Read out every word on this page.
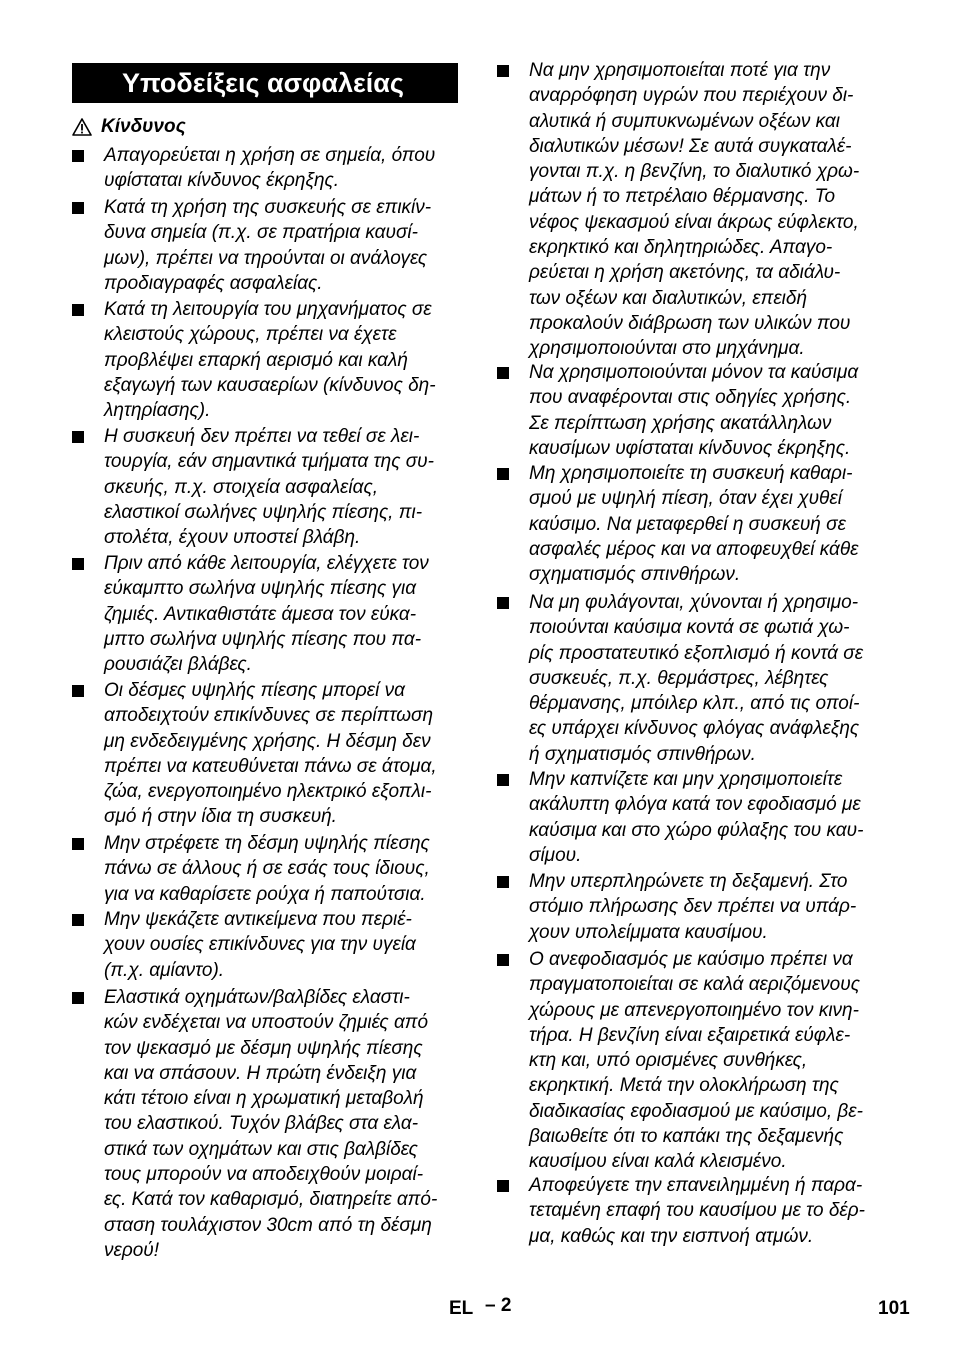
Υποδείξεις ασφαλείας
Κίνδυνος
Απαγορεύεται η χρήση σε σημεία, όπου
υφίσταται κίνδυνος έκρηξης.
Κατά τη χρήση της συσκευής σε επικίν-
δυνα σημεία (π.χ. σε πρατήρια καυσί-
μων), πρέπει να τηρούνται οι ανάλογες
προδιαγραφές ασφαλείας.
Κατά τη λειτουργία του μηχανήματος σε
κλειστούς χώρους, πρέπει να έχετε
προβλέψει επαρκή αερισμό και καλή
εξαγωγή των καυσαερίων (κίνδυνος δη-
λητηρίασης).
Η συσκευή δεν πρέπει να τεθεί σε λει-
τουργία, εάν σημαντικά τμήματα της συ-
σκευής, π.χ. στοιχεία ασφαλείας,
ελαστικοί σωλήνες υψηλής πίεσης, πι-
στολέτα, έχουν υποστεί βλάβη.
Πριν από κάθε λειτουργία, ελέγχετε τον
εύκαμπτο σωλήνα υψηλής πίεσης για
ζημιές. Αντικαθιστάτε άμεσα τον εύκα-
μπτο σωλήνα υψηλής πίεσης που πα-
ρουσιάζει βλάβες.
Οι δέσμες υψηλής πίεσης μπορεί να
αποδειχτούν επικίνδυνες σε περίπτωση
μη ενδεδειγμένης χρήσης. Η δέσμη δεν
πρέπει να κατευθύνεται πάνω σε άτομα,
ζώα, ενεργοποιημένο ηλεκτρικό εξοπλι-
σμό ή στην ίδια τη συσκευή.
Μην στρέφετε τη δέσμη υψηλής πίεσης
πάνω σε άλλους ή σε εσάς τους ίδιους,
για να καθαρίσετε ρούχα ή παπούτσια.
Μην ψεκάζετε αντικείμενα που περιέ-
χουν ουσίες επικίνδυνες για την υγεία
(π.χ. αμίαντο).
Ελαστικά οχημάτων/βαλβίδες ελαστι-
κών ενδέχεται να υποστούν ζημιές από
τον ψεκασμό με δέσμη υψηλής πίεσης
και να σπάσουν. Η πρώτη ένδειξη για
κάτι τέτοιο είναι η χρωματική μεταβολή
του ελαστικού. Τυχόν βλάβες στα ελα-
στικά των οχημάτων και στις βαλβίδες
τους μπορούν να αποδειχθούν μοιραί-
ες. Κατά τον καθαρισμό, διατηρείτε από-
σταση τουλάχιστον 30cm από τη δέσμη
νερού!
Να μην χρησιμοποιείται ποτέ για την
αναρρόφηση υγρών που περιέχουν δι-
αλυτικά ή συμπυκνωμένων οξέων και
διαλυτικών μέσων! Σε αυτά συγκαταλέ-
γονται π.χ. η βενζίνη, το διαλυτικό χρω-
μάτων ή το πετρέλαιο θέρμανσης. Το
νέφος ψεκασμού είναι άκρως εύφλεκτο,
εκρηκτικό και δηλητηριώδες. Απαγο-
ρεύεται η χρήση ακετόνης, τα αδιάλυ-
των οξέων και διαλυτικών, επειδή
προκαλούν διάβρωση των υλικών που
χρησιμοποιούνται στο μηχάνημα.
Να χρησιμοποιούνται μόνον τα καύσιμα
που αναφέρονται στις οδηγίες χρήσης.
Σε περίπτωση χρήσης ακατάλληλων
καυσίμων υφίσταται κίνδυνος έκρηξης.
Μη χρησιμοποιείτε τη συσκευή καθαρι-
σμού με υψηλή πίεση, όταν έχει χυθεί
καύσιμο. Να μεταφερθεί η συσκευή σε
ασφαλές μέρος και να αποφευχθεί κάθε
σχηματισμός σπινθήρων.
Να μη φυλάγονται, χύνονται ή χρησιμο-
ποιούνται καύσιμα κοντά σε φωτιά χω-
ρίς προστατευτικό εξοπλισμό ή κοντά σε
συσκευές, π.χ. θερμάστρες, λέβητες
θέρμανσης, μπόιλερ κλπ., από τις οποί-
ες υπάρχει κίνδυνος φλόγας ανάφλεξης
ή σχηματισμός σπινθήρων.
Μην καπνίζετε και μην χρησιμοποιείτε
ακάλυπτη φλόγα κατά τον εφοδιασμό με
καύσιμα και στο χώρο φύλαξης του καυ-
σίμου.
Μην υπερπληρώνετε τη δεξαμενή. Στο
στόμιο πλήρωσης δεν πρέπει να υπάρ-
χουν υπολείμματα καυσίμου.
Ο ανεφοδιασμός με καύσιμο πρέπει να
πραγματοποιείται σε καλά αεριζόμενους
χώρους με απενεργοποιημένο τον κινη-
τήρα. Η βενζίνη είναι εξαιρετικά εύφλε-
κτη και, υπό ορισμένες συνθήκες,
εκρηκτική. Μετά την ολοκλήρωση της
διαδικασίας εφοδιασμού με καύσιμο, βε-
βαιωθείτε ότι το καπάκι της δεξαμενής
καυσίμου είναι καλά κλεισμένο.
Αποφεύγετε την επανειλημμένη ή παρα-
τεταμένη επαφή του καυσίμου με το δέρ-
μα, καθώς και την εισπνοή ατμών.
EL – 2	101
